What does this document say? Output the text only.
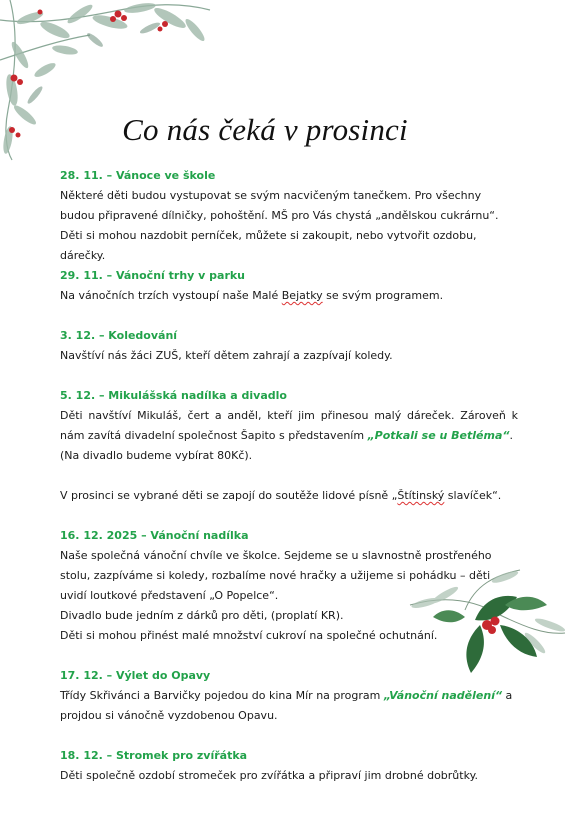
Co nás čeká v prosinci
28. 11. – Vánoce ve škole

Některé děti budou vystupovat se svým nacvičeným tanečkem. Pro všechny budou připravené dílničky, pohoštění. MŠ pro Vás chystá „andělskou cukrárnu“. Děti si mohou nazdobit perníček, můžete si zakoupit, nebo vytvořit ozdobu, dárečky.

29. 11. – Vánoční trhy v parku

Na vánočních trzích vystoupí naše Malé Bejatky se svým programem.

3. 12. – Koledování

Navštíví nás žáci ZUŠ, kteří dětem zahrají a zazpívají koledy.

5. 12. – Mikulášská nadílka a divadlo

Děti navštíví Mikuláš, čert a anděl, kteří jim přinesou malý dáreček. Zároveň k nám zavítá divadelní společnost Šapito s představením „Potkali se u Betléma“.

(Na divadlo budeme vybírat 80Kč).

V prosinci se vybrané děti se zapojí do soutěže lidové písně „Štítinský slavíček“.

16. 12. 2025 – Vánoční nadílka

Naše společná vánoční chvíle ve školce. Sejdeme se u slavnostně prostřeného stolu, zazpíváme si koledy, rozbalíme nové hračky a užijeme si pohádku – děti uvidí loutkové představení „O Popelce“.

Divadlo bude jedním z dárků pro děti, (proplatí KR).

Děti si mohou přinést malé množství cukroví na společné ochutnání.

17. 12. – Výlet do Opavy

Třídy Skřivánci a Barvičky pojedou do kina Mír na program „Vánoční nadělení“ a projdou si vánočně vyzdobenou Opavu.

18. 12. – Stromek pro zvířátka

Děti společně ozdobí stromeček pro zvířátka a připraví jim drobné dobrůtky.
